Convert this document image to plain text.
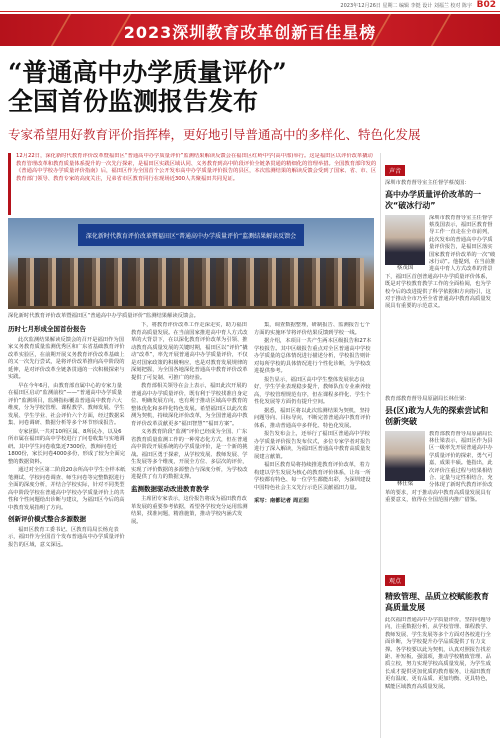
2023年12月26日 星期二 编辑 李挺 设计 刘福兰 校对 陈宇 B02
2023深圳教育改革创新百佳星榜
“普通高中办学质量评价”
全国首份监测报告发布
专家希望用好教育评价指挥棒，更好地引导普通高中的多样化、特色化发展
12月22日，深化新时代教育评价改革暨福田区“普通高中办学质量评价”监测结果解读反馈会在福田区红岭中学(高中部)举行。这是福田区以评价改革撬动教育管理改革和教育质量体系提升的一次先行探索，是福田区实践区域认同、义务教育到高中阶段评价全链条贯通的精细化的管理举措。全国教育部印发的《普通高中学校办学质量评价指南》后，福田区作为全国首个公开发布高中办学质量评价报告的县区，本次监测结果的解读反馈会受到了国家、省、市、区教育部门领导、教育专家的高度关注，兄弟省市区教育同行在现场近300人共聚福田共同见证。
深化新时代教育评价改革暨福田区“普通高中办学质量评价”监测结果解读反馈会
深化新时代教育评价改革暨福田区“普通高中办学质量评价”监测结果解读反馈会。
历时七月形成全国首份报告

此次监测结果解读反馈会的召开是福田作为国家义务教育质量监测优秀区和广东省基础教育评价改革实验区，在前期开展义务教育评价改革基础上的又一次先行尝试，是将评价改革推向高中阶段的延伸，是对评价改革全链条贯通的一次积极探索与实践。

早在今年6月，由教育部直属中心的专家力量在福田区启动“监测前校”——“普通高中办学质量评价”监测项目，监测指标覆盖普通高中教育六大维度，分为学校管理、课程教学、教师发展、学生发展、学生学业、社会评价六个方面，经过数据采集、问卷调研、数据分析等多个环节形成报告。

专家团队一共对10所区属、8所民办，以及6所市属在福田的高中学校进行了问卷收集与实地调研。其中学生问卷收集近7300份，教师问卷近1800份，家长问卷4000多份，形成了较为全面完整的数据资料。

通过对全区第二阶段20余所高中学生全样本纸笔测试、学校问卷调查、师生问卷等完整数据进行全面的深度分析，并结合学校实际，针对不同类型高中阶段学校在普通高中学校办学质量评价上的共性和个性问题给出诊断与建议，为福田区今后的高中教育发展指明了方向。

创新评价模式整合多源数据

福田区教育工委书记、区教育局局长杨克表示，福田作为全国首个发布普通高中办学质量评价报告的区域，意义深远。

下，将教育评价改革工作走深走实，助力福田教育高质量发展。在当前国家推进高中育人方式改革的大背景下，在以深化教育评价改革为引领、推动教育高质量发展的关键时期，福田区以“评价”撬动“改革”，率先开展普通高中办学质量评价，不仅是对国家政策的积极响应，也是对教育发展规律的深刻把握，为全国各地深化普通高中教育评价改革提供了可复制、可推广的经验。

教育部相关领导在会上表示，福田此次开展的普通高中办学质量评价，既有利于学校找准自身定位、明确发展方向，也有利于推动区域高中教育的整体优化和多样化特色发展。希望福田区以此次监测为契机，持续深化评价改革，为全国普通高中教育评价改革贡献更多“福田智慧”“福田方案”。

义务教育阶段“监测”评价已经成为全国、广东省教育质量监测工作的一种常态化方式，但在普通高中阶段开展系统的办学质量评价，是一个新的挑战。福田区勇于探索，从学校发展、教师发展、学生发展等多个维度，开展全方位、多层次的评价，实现了评价数据的多源整合与深度分析，为学校改进提供了有力的数据支撑。

监测数据驱动改进教育教学

主席团专家表示，这份报告将成为福田教育改革发展的重要参考依据，希望各学校充分运用监测结果，找准问题，精准施策，推动学校内涵式发展。

集，调查数据整理，研制报告、监测报告七个方面的实施环节将评价结果反馈到学校一线。

据介绍，本项目一共产生两本区级报告和27本学校报告。其中区级报告重点对全区普通高中学校办学质量的总体情况进行描述分析，学校报告则针对每所学校的具体情况进行个性化诊断，为学校改进提供参考。

报告显示，福田区高中学生整体发展状态良好，学生学业表现稳步提升，教师队伍专业素养较高，学校管理规范有序，但在课程多样化、学生个性化发展等方面仍有提升空间。

据悉，福田区将以此次监测结果为契机，坚持问题导向、目标导向，不断完善普通高中教育评价体系，推动普通高中多样化、特色化发展。

报告发布会上，还举行了福田区普通高中学校办学质量评价报告发布仪式，多位专家学者对报告进行了深入解读，为福田区普通高中教育高质量发展建言献策。

福田区教育局将持续推进教育评价改革，着力构建以学生发展为核心的教育评价体系，让每一所学校都有特色、每一位学生都能出彩，为深圳建设中国特色社会主义先行示范区贡献福田力量。

采写：南都记者 周正阳
声音
深圳市教育督导室主任督学蔡茂国：
高中办学质量评价改革的一次“破冰行动”
蔡茂国
深圳市教育督导室主任督学蔡茂国表示，福田区教育督导工作一直走在全市前列，此次发布的普通高中办学质量评价报告，是福田区落实国家教育评价改革的一次“破冰行动”。他提到，在当前推进高中育人方式改革的背景下，福田区首创普通高中办学质量评价体系，既是对学校教育教学工作的全面检阅，也为学校今后的改进提供了科学依据和方向指引，这对于推动全市乃至全省普通高中教育高质量发展具有重要的示范意义。
教育部教育督导局原副局长林仕梁：
县(区)敢为人先的探索尝试和创新突破
林仕梁
教育部教育督导局原副局长林仕梁表示，福田区作为县区一级率先开展普通高中办学质量评价的探索，勇气可嘉，成果丰硕。他指出，此次评价注重过程与结果相结合、定量与定性相结合，充分体现了新时代教育评价改革的要求，对于推动高中教育高质量发展具有重要意义，值得在全国范围内推广借鉴。
观点
精致管理、品质立校赋能教育高质量发展
此次福田普通高中办学质量评价，坚持问题导向，注重数据分析，从学校管理、课程教学、教师发展、学生发展等多个方面对各校进行全面诊断，为学校提升办学品质提供了有力支撑。各学校要以此为契机，认真对照报告找差距、补短板、强弱项，推动学校精致管理、品质立校，努力实现学校高质量发展，为学生成长成才提供更加优质的教育服务，让福田教育更有温度、更有品质、更加均衡、更具特色，赋能区域教育高质量发展。
